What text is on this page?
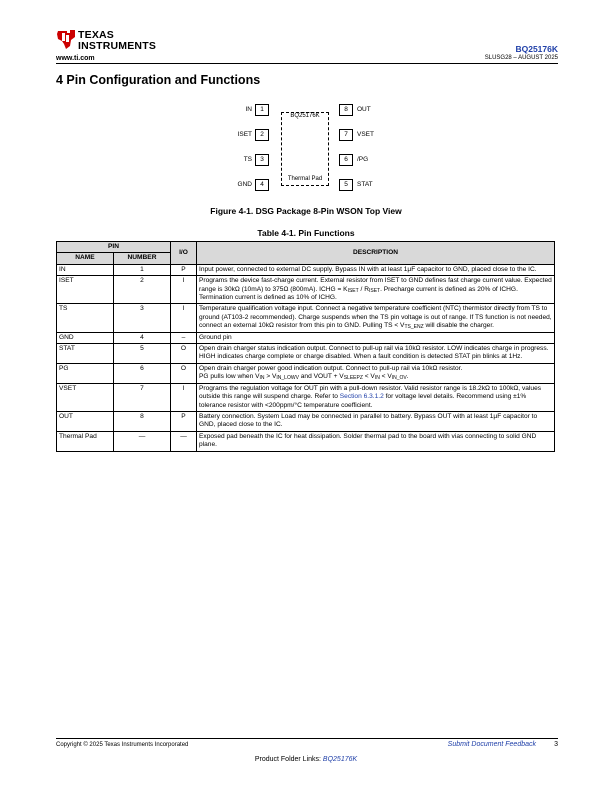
TEXAS
INSTRUMENTS
www.ti.com
BQ25176K
SLUSG28 – AUGUST 2025
4 Pin Configuration and Functions
IN	1
ISET	2
TS	3
GND	4
BQ25176K
Thermal Pad
8	OUT
7	VSET
6	/PG
5	STAT
Figure 4-1. DSG Package 8-Pin WSON Top View
Table 4-1. Pin Functions
PIN		I/O	DESCRIPTION
NAME	NUMBER		
IN	1	P	Input power, connected to external DC supply. Bypass IN with at least 1µF capacitor to GND, placed close to the IC.
ISET	2	I	Programs the device fast-charge current. External resistor from ISET to GND defines fast charge current value. Expected range is 30kΩ (10mA) to 375Ω (800mA). ICHG = $K_{ISET} / R_{ISET}$. Precharge current is defined as 20% of ICHG. Termination current is defined as 10% of ICHG.
TS	3	I	Temperature qualification voltage input. Connect a negative temperature coefficient (NTC) thermistor directly from TS to ground (AT103-2 recommended). Charge suspends when the TS pin voltage is out of range. If TS function is not needed, connect an external 10kΩ resistor from this pin to GND. Pulling TS < $V_{TS\_ENZ}$ will disable the charger.
GND	4	–	Ground pin
STAT	5	O	Open drain charger status indication output. Connect to pull-up rail via 10kΩ resistor. LOW indicates charge in progress. HIGH indicates charge complete or charge disabled. When a fault condition is detected STAT pin blinks at 1Hz.
PG	6	O	Open drain charger power good indication output. Connect to pull-up rail via 10kΩ resistor.
PG pulls low when $V_{IN} > V_{IN\_LOWV}$ and VOUT + $V_{SLEEPZ} < V_{IN} < V_{IN\_OV}$.

VSET	7	I	Programs the regulation voltage for OUT pin with a pull-down resistor. Valid resistor range is 18.2kΩ to 100kΩ, values outside this range will suspend charge. Refer to Section 6.3.1.2 for voltage level details. Recommend using ±1% tolerance resistor with <200ppm/°C temperature coefficient.
OUT	8	P	Battery connection. System Load may be connected in parallel to battery. Bypass OUT with at least 1µF capacitor to GND, placed close to the IC.
Thermal Pad	—	—	Exposed pad beneath the IC for heat dissipation. Solder thermal pad to the board with vias connecting to solid GND plane.
Copyright © 2025 Texas Instruments Incorporated	Submit Document Feedback	3
Product Folder Links: BQ25176K
